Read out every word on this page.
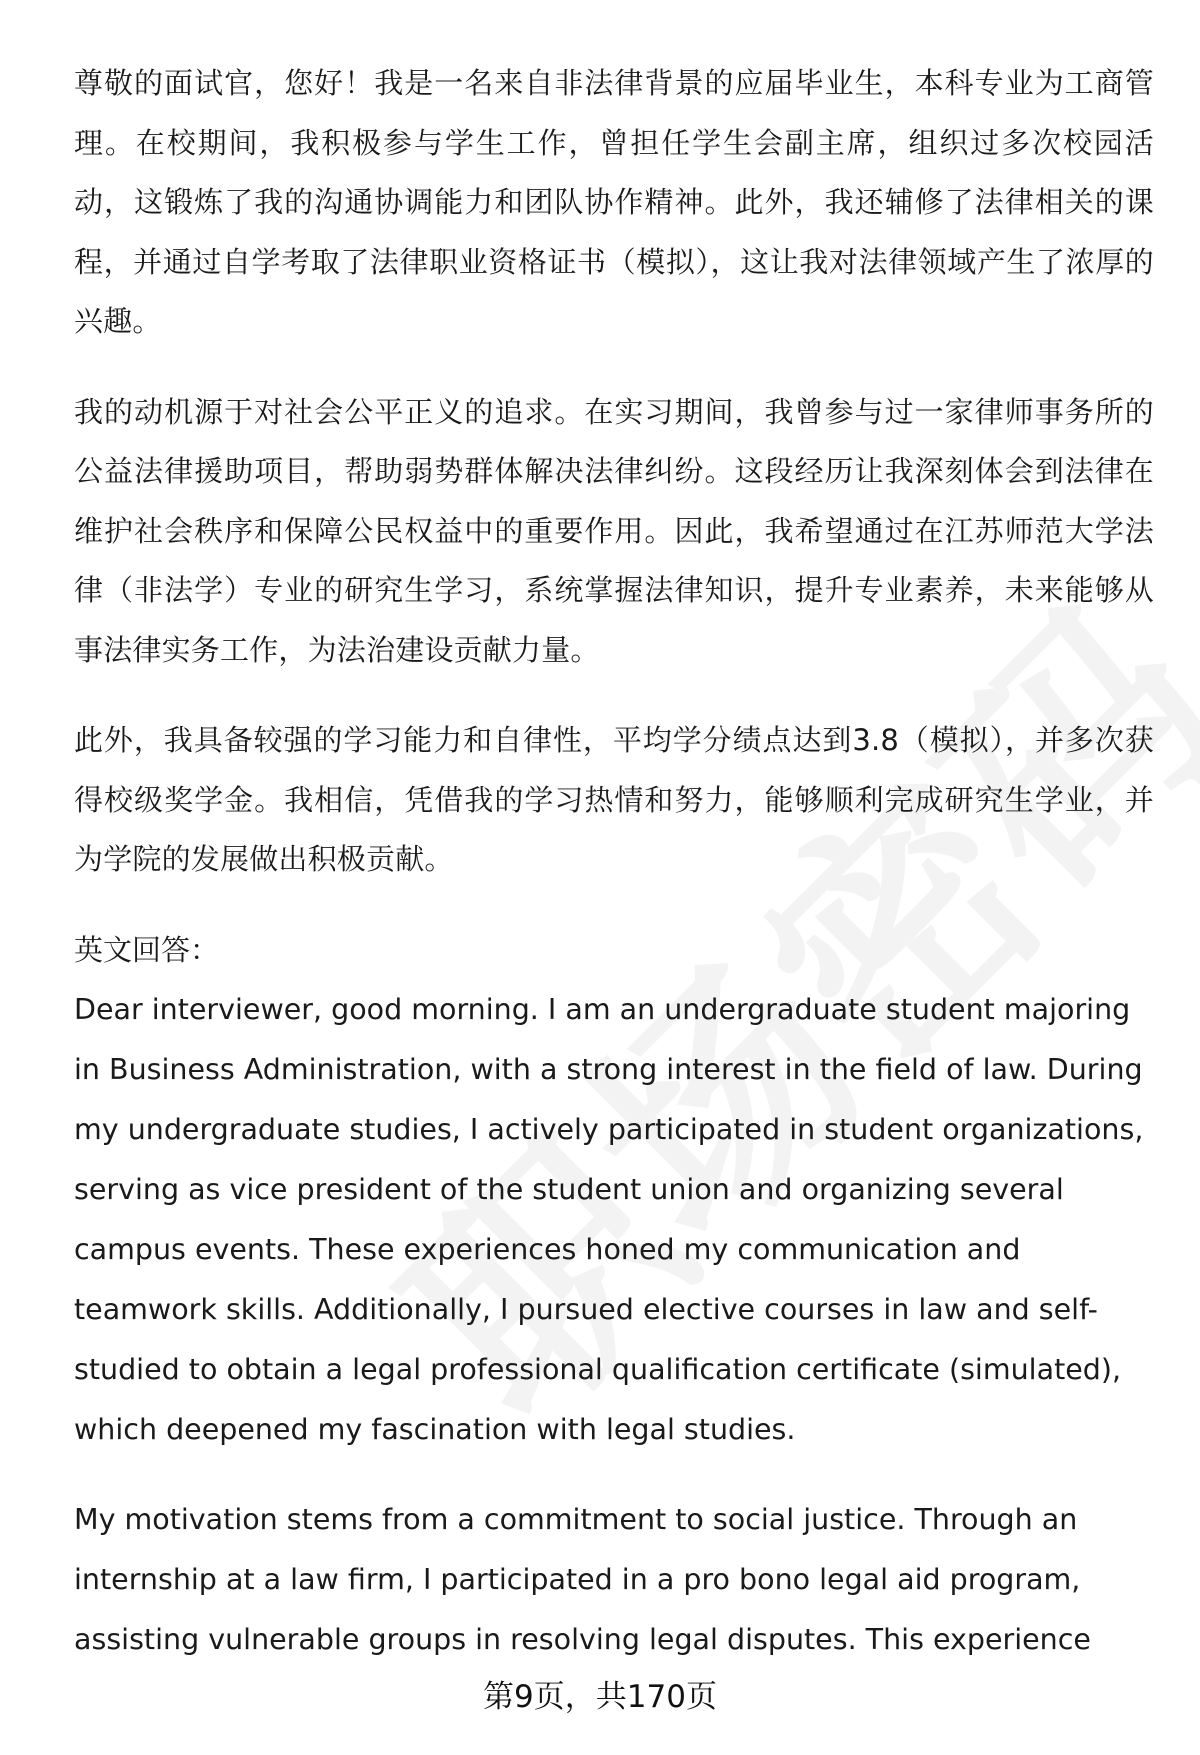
尊敬的面试官，您好！我是一名来自非法律背景的应届毕业生，本科专业为工商管理。在校期间，我积极参与学生工作，曾担任学生会副主席，组织过多次校园活动，这锻炼了我的沟通协调能力和团队协作精神。此外，我还辅修了法律相关的课程，并通过自学考取了法律职业资格证书（模拟），这让我对法律领域产生了浓厚的兴趣。

我的动机源于对社会公平正义的追求。在实习期间，我曾参与过一家律师事务所的公益法律援助项目，帮助弱势群体解决法律纠纷。这段经历让我深刻体会到法律在维护社会秩序和保障公民权益中的重要作用。因此，我希望通过在江苏师范大学法律（非法学）专业的研究生学习，系统掌握法律知识，提升专业素养，未来能够从事法律实务工作，为法治建设贡献力量。

此外，我具备较强的学习能力和自律性，平均学分绩点达到3.8（模拟），并多次获得校级奖学金。我相信，凭借我的学习热情和努力，能够顺利完成研究生学业，并为学院的发展做出积极贡献。

英文回答：

Dear interviewer, good morning. I am an undergraduate student majoring in Business Administration, with a strong interest in the field of law. During my undergraduate studies, I actively participated in student organizations, serving as vice president of the student union and organizing several campus events. These experiences honed my communication and teamwork skills. Additionally, I pursued elective courses in law and self-studied to obtain a legal professional qualification certificate (simulated), which deepened my fascination with legal studies.

My motivation stems from a commitment to social justice. Through an internship at a law firm, I participated in a pro bono legal aid program, assisting vulnerable groups in resolving legal disputes. This experience

第9页，共170页
